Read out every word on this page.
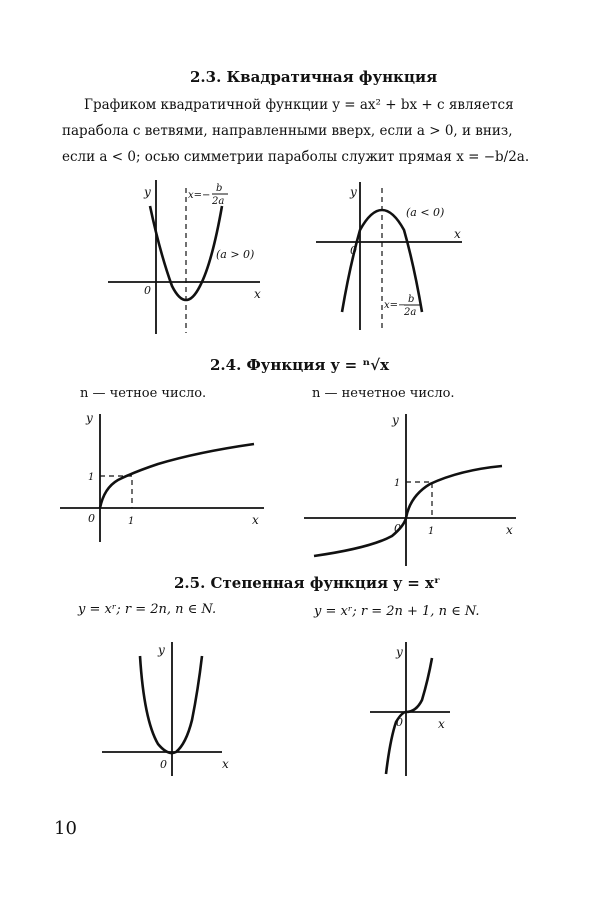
2.3. Квадратичная функция
Графиком квадратичной функции y = ax² + bx + c является
парабола с ветвями, направленными вверх, если a > 0, и вниз,
если a < 0; осью симметрии параболы служит прямая x = −b/2a.
y
x
0
x=−
b
2a
(a > 0)
y
x
0
(a < 0)
x=−
b
2a
2.4. Функция y = ⁿ√x
n — четное число.	n — нечетное число.
y
x
0	1
1
y
x
0	1
1
2.5. Степенная функция y = xʳ
y = xʳ; r = 2n, n ∈ N.	y = xʳ; r = 2n + 1, n ∈ N.
y
x
0
y
x
0
10
